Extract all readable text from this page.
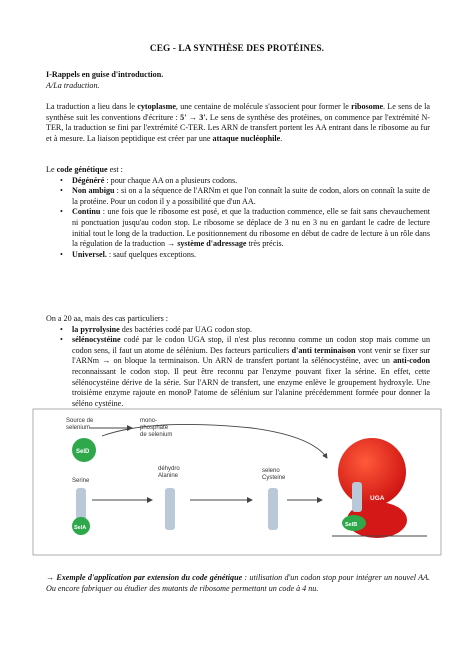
CEG - LA SYNTHÈSE DES PROTÉINES.
I-Rappels en guise d'introduction.
A/La traduction.
La traduction a lieu dans le cytoplasme, une centaine de molécule s'associent pour former le ribosome. Le sens de la synthèse suit les conventions d'écriture : 5' → 3'. Le sens de synthèse des protéines, on commence par l'extrémité N-TER, la traduction se fini par l'extrémité C-TER. Les ARN de transfert portent les AA entrant dans le ribosome au fur et à mesure. La liaison peptidique est créer par une attaque nucléophile.
Le code génétique est :
• Dégénéré : pour chaque AA on a plusieurs codons.
• Non ambigu : si on a la séquence de l'ARNm et que l'on connaît la suite de codon, alors on connaît la suite de la protéine. Pour un codon il y a possibilité que d'un AA.
• Continu : une fois que le ribosome est posé, et que la traduction commence, elle se fait sans chevauchement ni ponctuation jusqu'au codon stop. Le ribosome se déplace de 3 nu en 3 nu en gardant le cadre de lecture initial tout le long de la traduction. Le positionnement du ribosome en début de cadre de lecture à un rôle dans la régulation de la traduction → système d'adressage très précis.
• Universel. : sauf quelques exceptions.
On a 20 aa, mais des cas particuliers :
• la pyrrolysine des bactéries codé par UAG codon stop.
• sélénocystéine codé par le codon UGA stop, il n'est plus reconnu comme un codon stop mais comme un codon sens, il faut un atome de sélénium. Des facteurs particuliers d'anti terminaison vont venir se fixer sur l'ARNm → on bloque la terminaison. Un ARN de transfert portant la sélénocystéine, avec un anti-codon reconnaissant le codon stop. Il peut être reconnu par l'enzyme pouvant fixer la sérine. En effet, cette sélénocystéine dérive de la série. Sur l'ARN de transfert, une enzyme enlève le groupement hydroxyle. Une troisième enzyme rajoute en monoP l'atome de sélénium sur l'alanine précédemment formée pour donner la séléno cystéine.
Source de
selenium
mono-
phosphate
de selenium
Serine
déhydro
Alanine
seleno
Cysteine
SelD
SelA
UGA
SelB
→ Exemple d'application par extension du code génétique : utilisation d'un codon stop pour intégrer un nouvel AA. Ou encore fabriquer ou étudier des mutants de ribosome permettant un code à 4 nu.
